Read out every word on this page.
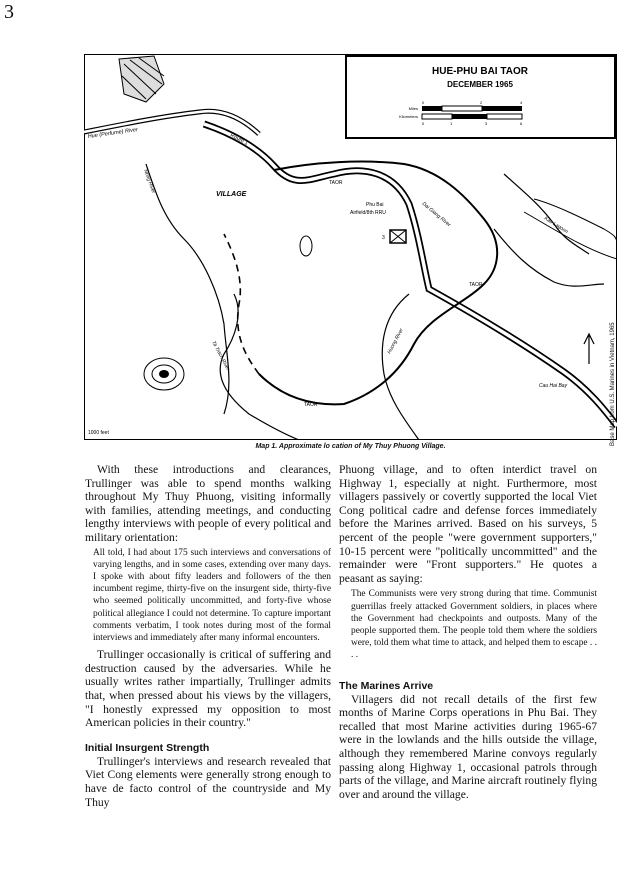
3
HUE-PHU BAI TAOR
DECEMBER 1965
Miles
Kilometers
0	2	4
0	1	3	6
Hue (Perfume) River	Route 1
VILLAGE
TAOR
TAOR
TAOR
Phu Bai
Airfield/8th RRU
3
Nong River
Dai Giang River	Kau Lagoon
Ta Trach River	Huong River
Cau Hai Bay
1000 feet	Base Map from U.S. Marines in Vietnam, 1965
Map 1. Approximate lo cation of My Thuy Phuong Village.

With these introductions and clearances, Trullinger was able to spend months walking throughout My Thuy Phuong, visiting informally with families, attending meetings, and conducting lengthy interviews with people of every political and military orientation:

All told, I had about 175 such interviews and conversations of varying lengths, and in some cases, extending over many days. I spoke with about fifty leaders and followers of the then incumbent regime, thirty-five on the insurgent side, thirty-five who seemed politically uncommitted, and forty-five whose political allegiance I could not determine. To capture important comments verbatim, I took notes during most of the formal interviews and immediately after many informal encounters.

Trullinger occasionally is critical of suffering and destruction caused by the adversaries. While he usually writes rather impartially, Trullinger admits that, when pressed about his views by the villagers, "I honestly expressed my opposition to most American policies in their country."

Initial Insurgent Strength

Trullinger's interviews and research revealed that Viet Cong elements were generally strong enough to have de facto control of the countryside and My Thuy

Phuong village, and to often interdict travel on Highway 1, especially at night. Furthermore, most villagers passively or covertly supported the local Viet Cong political cadre and defense forces immediately before the Marines arrived. Based on his surveys, 5 percent of the people "were government supporters," 10-15 percent were "politically uncommitted" and the remainder were "Front supporters." He quotes a peasant as saying:

The Communists were very strong during that time. Communist guerrillas freely attacked Government soldiers, in places where the Government had checkpoints and outposts. Many of the people supported them. The people told them where the soldiers were, told them what time to attack, and helped them to escape . . . .
The Marines Arrive

Villagers did not recall details of the first few months of Marine Corps operations in Phu Bai. They recalled that most Marine activities during 1965-67 were in the lowlands and the hills outside the village, although they remembered Marine convoys regularly passing along Highway 1, occasional patrols through parts of the village, and Marine aircraft routinely flying over and around the village.
